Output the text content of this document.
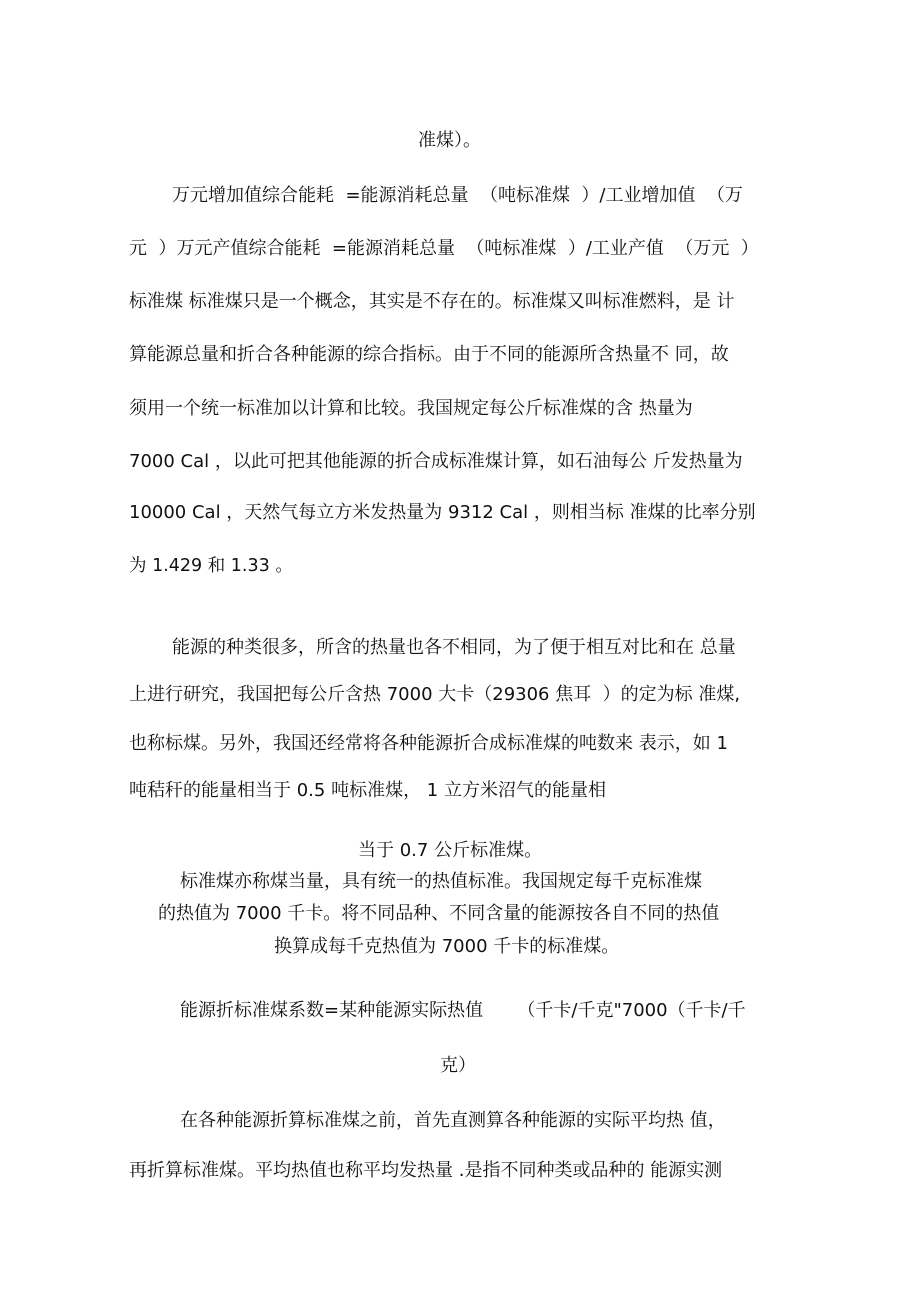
准煤）。
万元增加值综合能耗  =能源消耗总量  （吨标准煤  ）/工业增加值  （万
元  ）万元产值综合能耗  =能源消耗总量  （吨标准煤  ）/工业产值  （万元  ）
标准煤 标准煤只是一个概念，其实是不存在的。标准煤又叫标准燃料，是 计
算能源总量和折合各种能源的综合指标。由于不同的能源所含热量不 同，故
须用一个统一标准加以计算和比较。我国规定每公斤标准煤的含 热量为
7000 Cal ，以此可把其他能源的折合成标准煤计算，如石油每公 斤发热量为
10000 Cal ，天然气每立方米发热量为 9312 Cal ，则相当标 准煤的比率分别
为 1.429 和 1.33 。
能源的种类很多，所含的热量也各不相同，为了便于相互对比和在 总量
上进行研究，我国把每公斤含热 7000 大卡（29306 焦耳  ）的定为标 准煤,
也称标煤。另外，我国还经常将各种能源折合成标准煤的吨数来 表示，如 1
吨秸秆的能量相当于 0.5 吨标准煤， 1 立方米沼气的能量相
当于 0.7 公斤标准煤。
标准煤亦称煤当量，具有统一的热值标准。我国规定每千克标准煤
的热值为 7000 千卡。将不同品种、不同含量的能源按各自不同的热值
换算成每千克热值为 7000 千卡的标准煤。
能源折标准煤系数=某种能源实际热值      （千卡/千克"7000（千卡/千
克）
在各种能源折算标准煤之前，首先直测算各种能源的实际平均热 值，
再折算标准煤。平均热值也称平均发热量 .是指不同种类或品种的 能源实测
